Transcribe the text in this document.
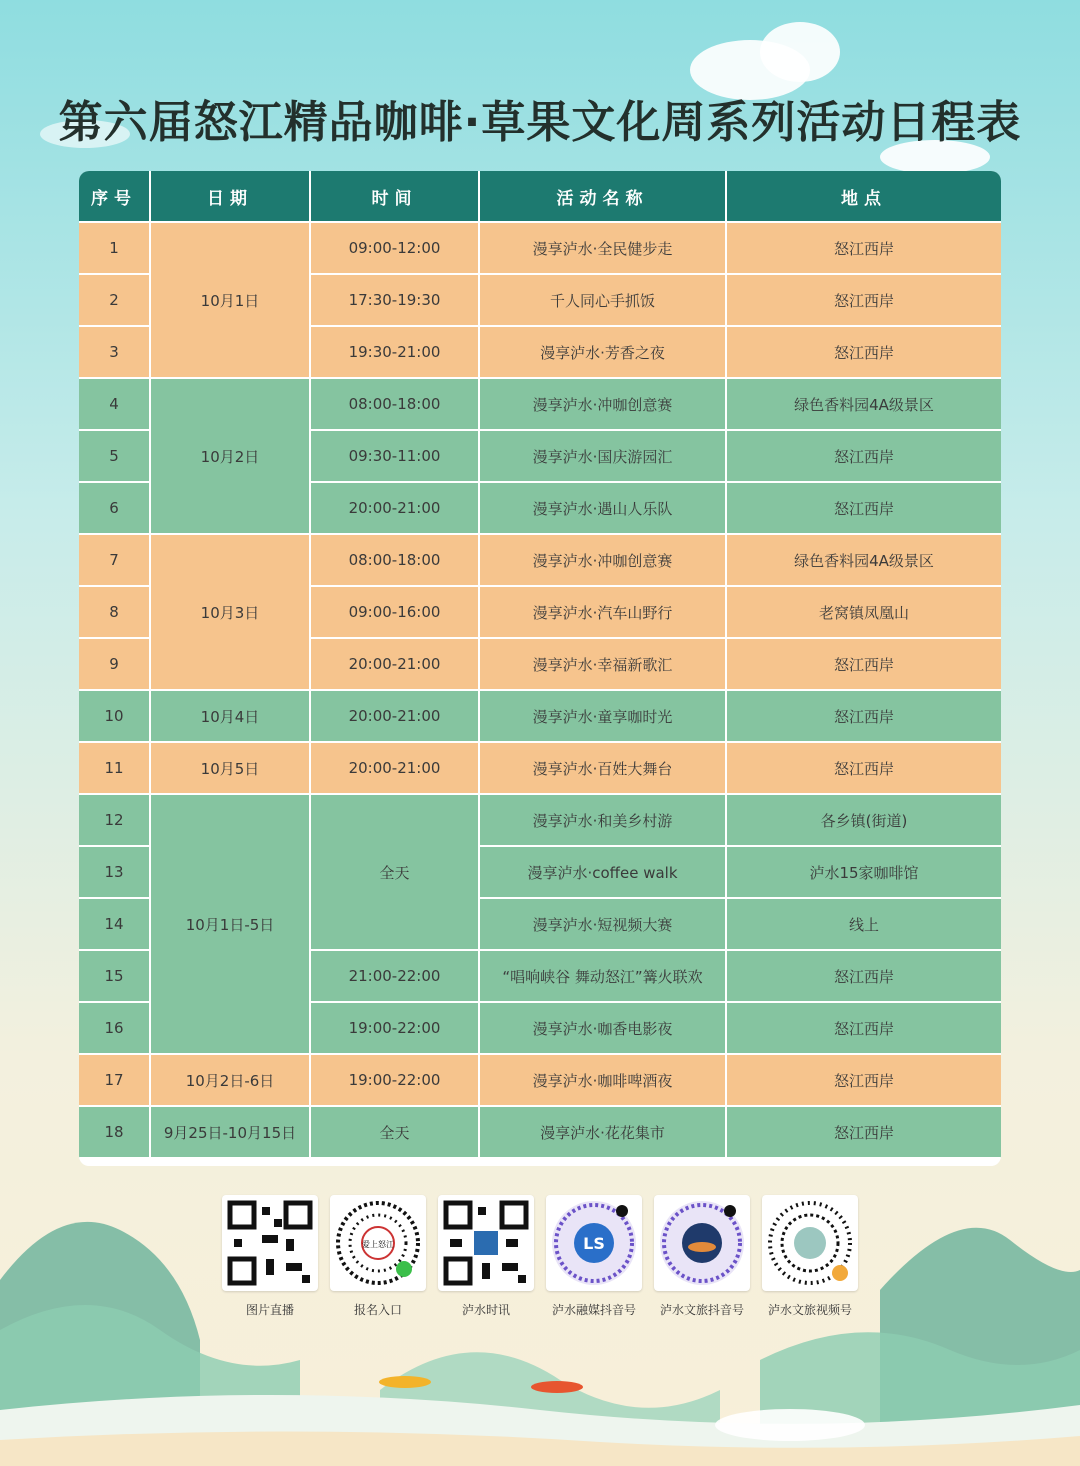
第六届怒江精品咖啡·草果文化周系列活动日程表
序号	日期	时间	活动名称	地点
1	10月1日	09:00-12:00	漫享泸水·全民健步走	怒江西岸
2		17:30-19:30	千人同心手抓饭	怒江西岸
3		19:30-21:00	漫享泸水·芳香之夜	怒江西岸
4	10月2日	08:00-18:00	漫享泸水·冲咖创意赛	绿色香料园4A级景区
5		09:30-11:00	漫享泸水·国庆游园汇	怒江西岸
6		20:00-21:00	漫享泸水·遇山人乐队	怒江西岸
7	10月3日	08:00-18:00	漫享泸水·冲咖创意赛	绿色香料园4A级景区
8		09:00-16:00	漫享泸水·汽车山野行	老窝镇凤凰山
9		20:00-21:00	漫享泸水·幸福新歌汇	怒江西岸
10	10月4日	20:00-21:00	漫享泸水·童享咖时光	怒江西岸
11	10月5日	20:00-21:00	漫享泸水·百姓大舞台	怒江西岸
12	10月1日-5日	全天	漫享泸水·和美乡村游	各乡镇(街道)
13			漫享泸水·coffee walk	泸水15家咖啡馆
14			漫享泸水·短视频大赛	线上
15		21:00-22:00	“唱响峡谷 舞动怒江”篝火联欢	怒江西岸
16		19:00-22:00	漫享泸水·咖香电影夜	怒江西岸
17	10月2日-6日	19:00-22:00	漫享泸水·咖啡啤酒夜	怒江西岸
18	9月25日-10月15日	全天	漫享泸水·花花集市	怒江西岸
图片直播
爱上怒江
报名入口	泸水时讯
LS
泸水融媒抖音号	泸水文旅抖音号	泸水文旅视频号
